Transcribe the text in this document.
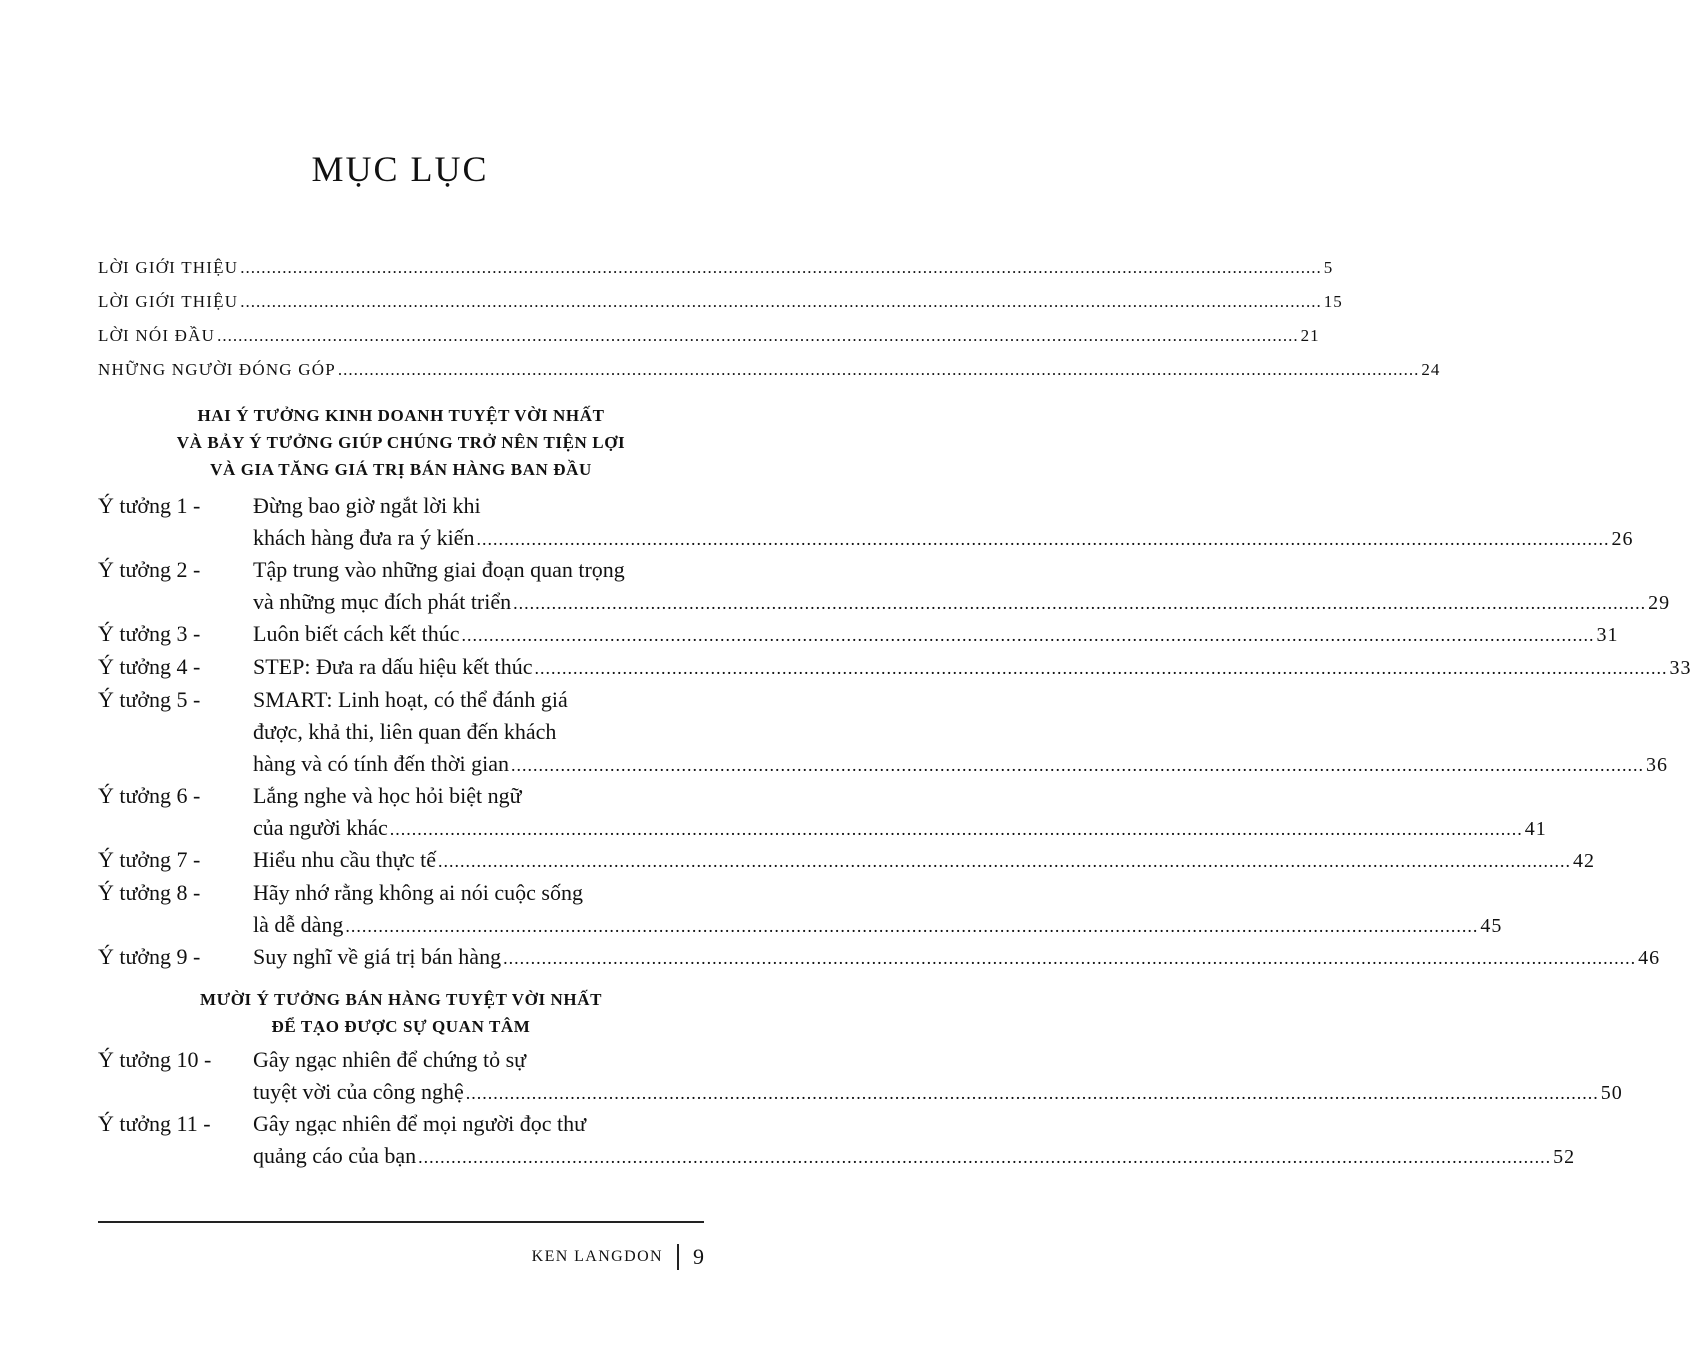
MỤC LỤC
LỜI GIỚI THIỆU .....	5
LỜI GIỚI THIỆU .....	15
LỜI NÓI ĐẦU .....	21
NHỮNG NGƯỜI ĐÓNG GÓP .....	24
HAI Ý TƯỞNG KINH DOANH TUYỆT VỜI NHẤT
VÀ BẢY Ý TƯỞNG GIÚP CHÚNG TRỞ NÊN TIỆN LỢI
VÀ GIA TĂNG GIÁ TRỊ BÁN HÀNG BAN ĐẦU
Ý tưởng 1 -	Đừng bao giờ ngắt lời khi
khách hàng đưa ra ý kiến .....	26
Ý tưởng 2 -	Tập trung vào những giai đoạn quan trọng
và những mục đích phát triển .....	29
Ý tưởng 3 -	Luôn biết cách kết thúc .....	31
Ý tưởng 4 -	STEP: Đưa ra dấu hiệu kết thúc .....	33
Ý tưởng 5 -	SMART: Linh hoạt, có thể đánh giá
được, khả thi, liên quan đến khách
hàng và có tính đến thời gian .....	36
Ý tưởng 6 -	Lắng nghe và học hỏi biệt ngữ
của người khác .....	41
Ý tưởng 7 -	Hiểu nhu cầu thực tế .....	42
Ý tưởng 8 -	Hãy nhớ rằng không ai nói cuộc sống
là dễ dàng .....	45
Ý tưởng 9 -	Suy nghĩ về giá trị bán hàng .....	46
MƯỜI Ý TƯỞNG BÁN HÀNG TUYỆT VỜI NHẤT
ĐỂ TẠO ĐƯỢC SỰ QUAN TÂM
Ý tưởng 10 -	Gây ngạc nhiên để chứng tỏ sự
tuyệt vời của công nghệ .....	50
Ý tưởng 11 -	Gây ngạc nhiên để mọi người đọc thư
quảng cáo của bạn .....	52
KEN LANGDON 9
